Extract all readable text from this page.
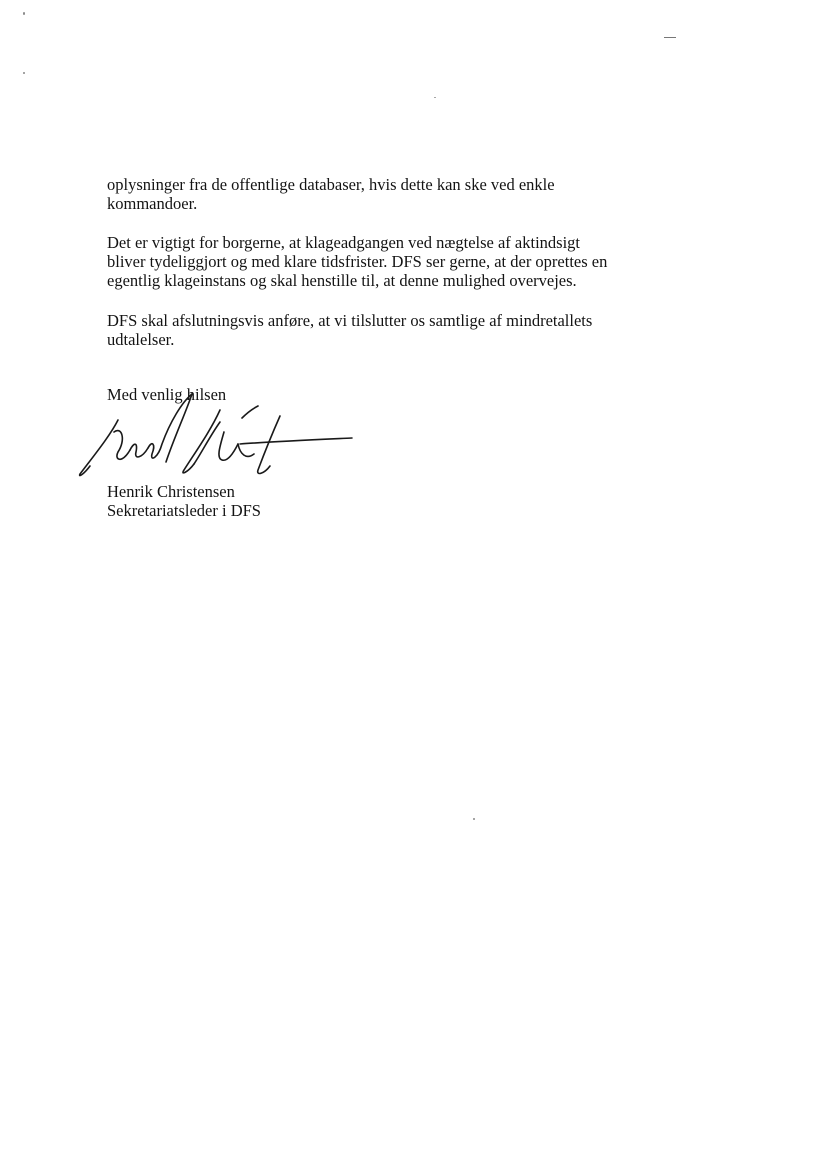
oplysninger fra de offentlige databaser, hvis dette kan ske ved enkle
kommandoer.

Det er vigtigt for borgerne, at klageadgangen ved nægtelse af aktindsigt
bliver tydeliggjort og med klare tidsfrister. DFS ser gerne, at der oprettes en
egentlig klageinstans og skal henstille til, at denne mulighed overvejes.

DFS skal afslutningsvis anføre, at vi tilslutter os samtlige af mindretallets
udtalelser.

Med venlig hilsen
Henrik Christensen
Sekretariatsleder i DFS
